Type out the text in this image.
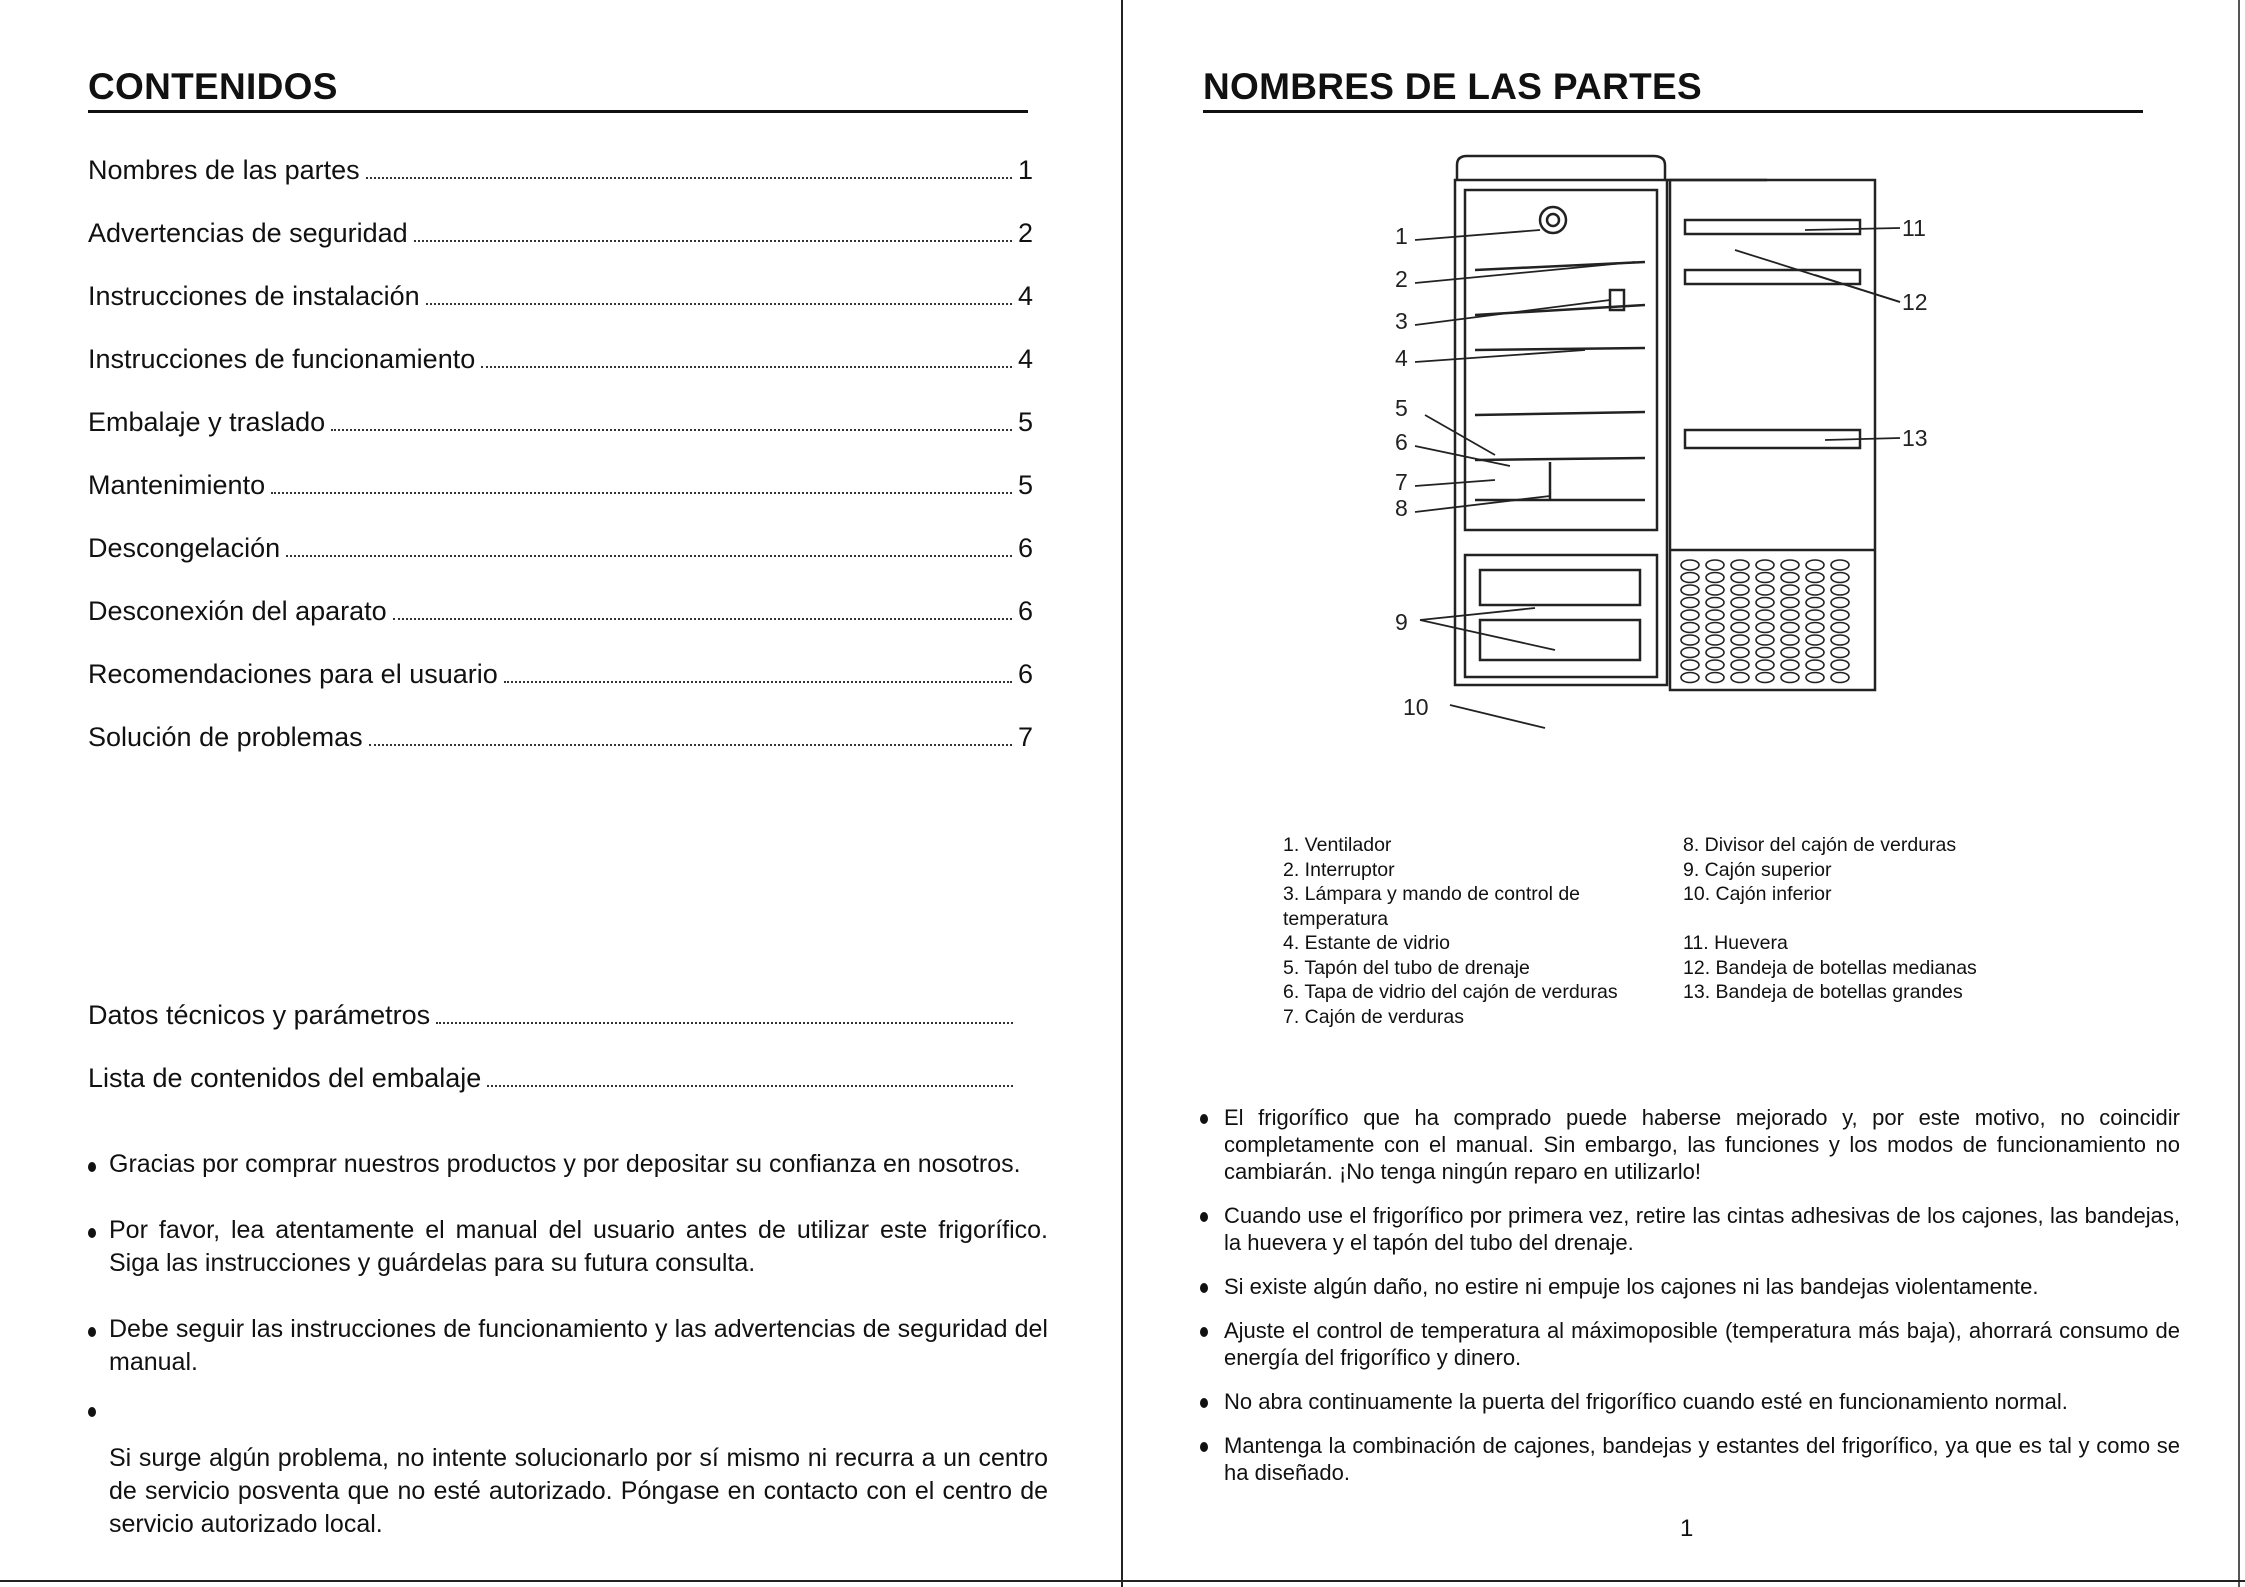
CONTENIDOS
Nombres de las partes	1
Advertencias de seguridad	2
Instrucciones de instalación	4
Instrucciones de funcionamiento	4
Embalaje y traslado	5
Mantenimiento	5
Descongelación	6
Desconexión del aparato	6
Recomendaciones para el usuario	6
Solución de problemas	7
Datos técnicos y parámetros
Lista de contenidos del embalaje
Gracias por comprar nuestros productos y por depositar su confianza en nosotros.
Por favor, lea atentamente el manual del usuario antes de utilizar este frigorífico. Siga las instrucciones y guárdelas para su futura consulta.
Debe seguir las instrucciones de funcionamiento y las advertencias de seguridad del manual.
Si surge algún problema, no intente solucionarlo por sí mismo ni recurra a un centro de servicio posventa que no esté autorizado. Póngase en contacto con el centro de servicio autorizado local.
NOMBRES DE LAS PARTES
1
2
3
4
5
6
7
8
9
10
11
12
13
1. Ventilador
2. Interruptor
3. Lámpara y mando de control de
temperatura
4. Estante de vidrio
5. Tapón del tubo de drenaje
6. Tapa de vidrio del cajón de verduras
7. Cajón de verduras
8. Divisor del cajón de verduras
9. Cajón superior
10. Cajón inferior
11. Huevera
12. Bandeja de botellas medianas
13. Bandeja de botellas grandes
El frigorífico que ha comprado puede haberse mejorado y, por este motivo, no coincidir completamente con el manual. Sin embargo, las funciones y los modos de funcionamiento no cambiarán. ¡No tenga ningún reparo en utilizarlo!
Cuando use el frigorífico por primera vez, retire las cintas adhesivas de los cajones, las bandejas, la huevera y el tapón del tubo del drenaje.
Si existe algún daño, no estire ni empuje los cajones ni las bandejas violentamente.
Ajuste el control de temperatura al máximoposible (temperatura más baja), ahorrará consumo de energía del frigorífico y dinero.
No abra continuamente la puerta del frigorífico cuando esté en funcionamiento normal.
Mantenga la combinación de cajones, bandejas y estantes del frigorífico, ya que es tal y como se ha diseñado.
1
